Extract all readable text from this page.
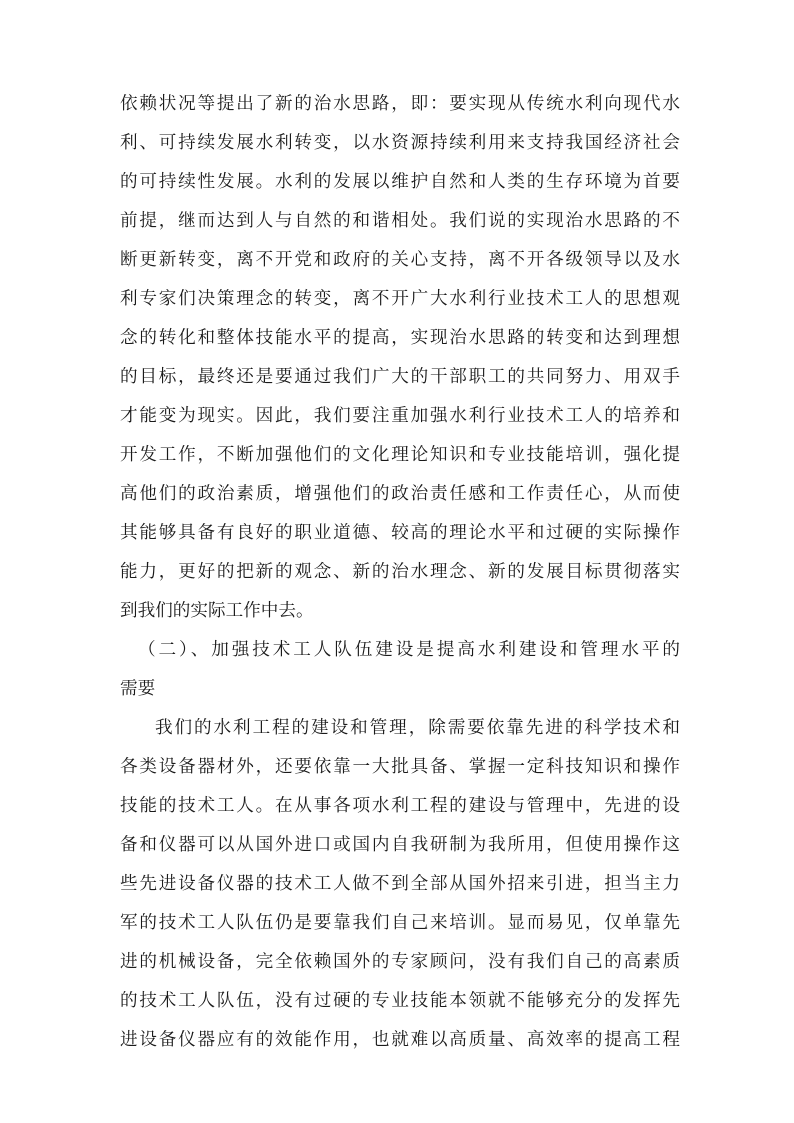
依赖状况等提出了新的治水思路，即：要实现从传统水利向现代水
利、可持续发展水利转变，以水资源持续利用来支持我国经济社会
的可持续性发展。水利的发展以维护自然和人类的生存环境为首要
前提，继而达到人与自然的和谐相处。我们说的实现治水思路的不
断更新转变，离不开党和政府的关心支持，离不开各级领导以及水
利专家们决策理念的转变，离不开广大水利行业技术工人的思想观
念的转化和整体技能水平的提高，实现治水思路的转变和达到理想
的目标，最终还是要通过我们广大的干部职工的共同努力、用双手
才能变为现实。因此，我们要注重加强水利行业技术工人的培养和
开发工作，不断加强他们的文化理论知识和专业技能培训，强化提
高他们的政治素质，增强他们的政治责任感和工作责任心，从而使
其能够具备有良好的职业道德、较高的理论水平和过硬的实际操作
能力，更好的把新的观念、新的治水理念、新的发展目标贯彻落实
到我们的实际工作中去。
（二）、加强技术工人队伍建设是提高水利建设和管理水平的
需要
我们的水利工程的建设和管理，除需要依靠先进的科学技术和
各类设备器材外，还要依靠一大批具备、掌握一定科技知识和操作
技能的技术工人。在从事各项水利工程的建设与管理中，先进的设
备和仪器可以从国外进口或国内自我研制为我所用，但使用操作这
些先进设备仪器的技术工人做不到全部从国外招来引进，担当主力
军的技术工人队伍仍是要靠我们自己来培训。显而易见，仅单靠先
进的机械设备，完全依赖国外的专家顾问，没有我们自己的高素质
的技术工人队伍，没有过硬的专业技能本领就不能够充分的发挥先
进设备仪器应有的效能作用，也就难以高质量、高效率的提高工程
